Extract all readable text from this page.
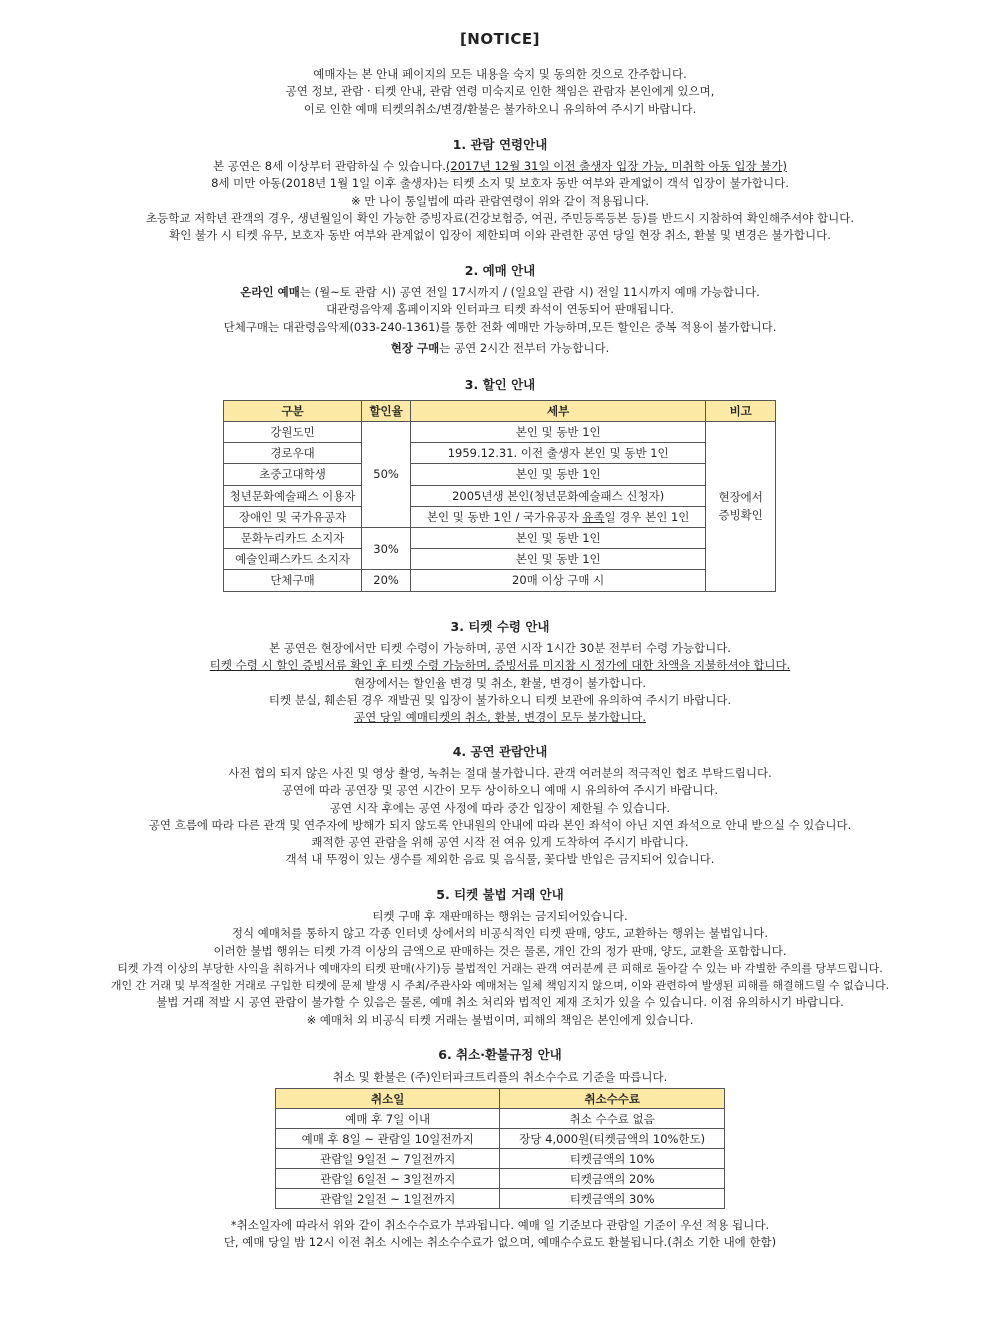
[NOTICE]
예매자는 본 안내 페이지의 모든 내용을 숙지 및 동의한 것으로 간주합니다.
공연 정보, 관람 · 티켓 안내, 관람 연령 미숙지로 인한 책임은 관람자 본인에게 있으며,
이로 인한 예매 티켓의취소/변경/환불은 불가하오니 유의하여 주시기 바랍니다.
1. 관람 연령안내
본 공연은 8세 이상부터 관람하실 수 있습니다.(2017년 12월 31일 이전 출생자 입장 가능, 미취학 아동 입장 불가)
8세 미만 아동(2018년 1월 1일 이후 출생자)는 티켓 소지 및 보호자 동반 여부와 관계없이 객석 입장이 불가합니다.
※ 만 나이 통일법에 따라 관람연령이 위와 같이 적용됩니다.
초등학교 저학년 관객의 경우, 생년월일이 확인 가능한 증빙자료(건강보험증, 여권, 주민등록등본 등)를 반드시 지참하여 확인해주셔야 합니다.
확인 불가 시 티켓 유무, 보호자 동반 여부와 관계없이 입장이 제한되며 이와 관련한 공연 당일 현장 취소, 환불 및 변경은 불가합니다.
2. 예매 안내
온라인 예매는 (월~토 관람 시) 공연 전일 17시까지 / (일요일 관람 시) 전일 11시까지 예매 가능합니다.
대관령음악제 홈페이지와 인터파크 티켓 좌석이 연동되어 판매됩니다.
단체구매는 대관령음악제(033-240-1361)를 통한 전화 예매만 가능하며,모든 할인은 중복 적용이 불가합니다.
현장 구매는 공연 2시간 전부터 가능합니다.
3. 할인 안내
구분	할인율	세부	비고
강원도민	50%	본인 및 동반 1인	현장에서
증빙확인

경로우대		1959.12.31. 이전 출생자 본인 및 동반 1인	
초중고대학생		본인 및 동반 1인	
청년문화예술패스 이용자		2005년생 본인(청년문화예술패스 신청자)	
장애인 및 국가유공자		본인 및 동반 1인 / 국가유공자 유족일 경우 본인 1인	
문화누리카드 소지자	30%	본인 및 동반 1인	
예술인패스카드 소지자		본인 및 동반 1인	
단체구매	20%	20매 이상 구매 시	
3. 티켓 수령 안내
본 공연은 현장에서만 티켓 수령이 가능하며, 공연 시작 1시간 30분 전부터 수령 가능합니다.
티켓 수령 시 할인 증빙서류 확인 후 티켓 수령 가능하며, 증빙서류 미지참 시 정가에 대한 차액을 지불하셔야 합니다.
현장에서는 할인율 변경 및 취소, 환불, 변경이 불가합니다.
티켓 분실, 훼손된 경우 재발권 및 입장이 불가하오니 티켓 보관에 유의하여 주시기 바랍니다.
공연 당일 예매티켓의 취소, 환불, 변경이 모두 불가합니다.
4. 공연 관람안내
사전 협의 되지 않은 사진 및 영상 촬영, 녹취는 절대 불가합니다. 관객 여러분의 적극적인 협조 부탁드립니다.
공연에 따라 공연장 및 공연 시간이 모두 상이하오니 예매 시 유의하여 주시기 바랍니다.
공연 시작 후에는 공연 사정에 따라 중간 입장이 제한될 수 있습니다.
공연 흐름에 따라 다른 관객 및 연주자에 방해가 되지 않도록 안내원의 안내에 따라 본인 좌석이 아닌 지연 좌석으로 안내 받으실 수 있습니다.
쾌적한 공연 관람을 위해 공연 시작 전 여유 있게 도착하여 주시기 바랍니다.
객석 내 뚜껑이 있는 생수를 제외한 음료 및 음식물, 꽃다발 반입은 금지되어 있습니다.
5. 티켓 불법 거래 안내
티켓 구매 후 재판매하는 행위는 금지되어있습니다.
정식 예매처를 통하지 않고 각종 인터넷 상에서의 비공식적인 티켓 판매, 양도, 교환하는 행위는 불법입니다.
이러한 불법 행위는 티켓 가격 이상의 금액으로 판매하는 것은 물론, 개인 간의 정가 판매, 양도, 교환을 포함합니다.
티켓 가격 이상의 부당한 사익을 취하거나 예매자의 티켓 판매(사기)등 불법적인 거래는 관객 여러분께 큰 피해로 돌아갈 수 있는 바 각별한 주의를 당부드립니다.
개인 간 거래 및 부적절한 거래로 구입한 티켓에 문제 발생 시 주최/주관사와 예매처는 일체 책임지지 않으며, 이와 관련하여 발생된 피해를 해결해드릴 수 없습니다.
불법 거래 적발 시 공연 관람이 불가할 수 있음은 물론, 예매 취소 처리와 법적인 제재 조치가 있을 수 있습니다. 이점 유의하시기 바랍니다.
※ 예매처 외 비공식 티켓 거래는 불법이며, 피해의 책임은 본인에게 있습니다.
6. 취소·환불규정 안내
취소 및 환불은 (주)인터파크트리플의 취소수수료 기준을 따릅니다.
취소일	취소수수료
예매 후 7일 이내	취소 수수료 없음
예매 후 8일 ~ 관람일 10일전까지	장당 4,000원(티켓금액의 10%한도)
관람일 9일전 ~ 7일전까지	티켓금액의 10%
관람일 6일전 ~ 3일전까지	티켓금액의 20%
관람일 2일전 ~ 1일전까지	티켓금액의 30%
*취소일자에 따라서 위와 같이 취소수수료가 부과됩니다. 예매 일 기준보다 관람일 기준이 우선 적용 됩니다.
단, 예매 당일 밤 12시 이전 취소 시에는 취소수수료가 없으며, 예매수수료도 환불됩니다.(취소 기한 내에 한함)
